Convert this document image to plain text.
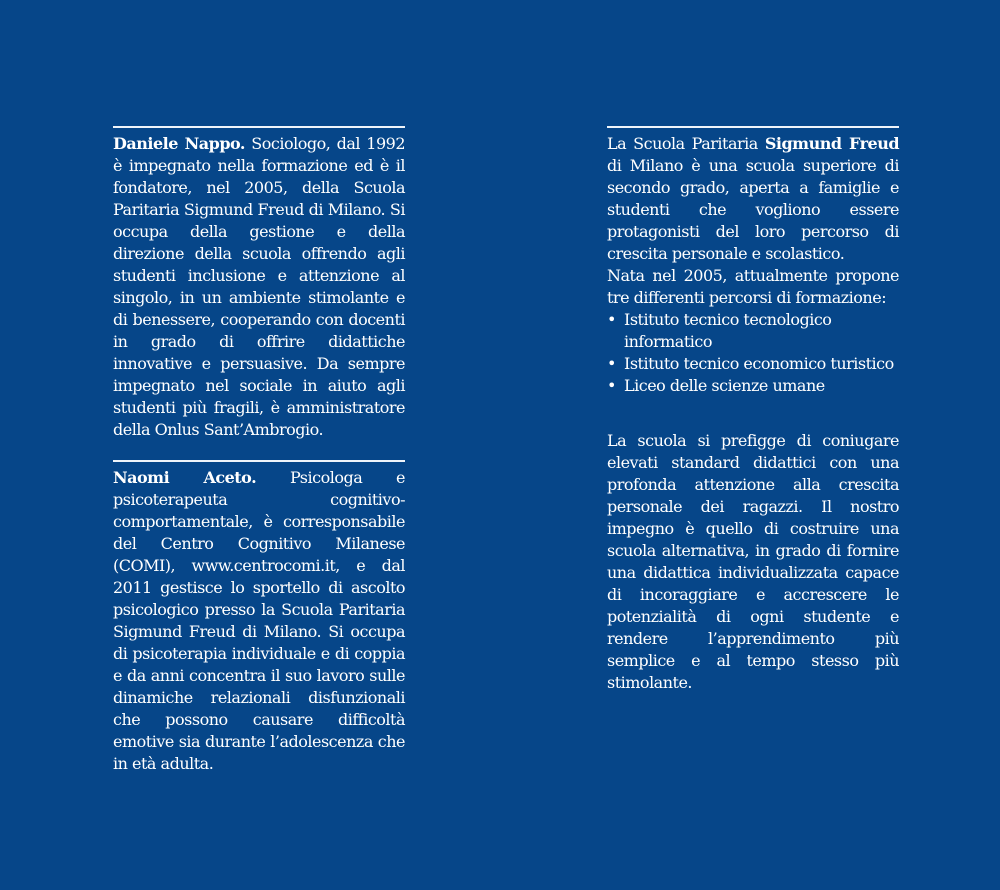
Daniele Nappo. Sociologo, dal 1992 è impegnato nella formazione ed è il fondatore, nel 2005, della Scuola Paritaria Sigmund Freud di Milano. Si occupa della gestione e della direzione della scuola offrendo agli studenti inclusione e attenzione al singolo, in un ambiente stimolante e di benessere, cooperando con docenti in grado di offrire didattiche innovative e persuasive. Da sempre impegnato nel sociale in aiuto agli studenti più fragili, è amministratore della Onlus Sant’Ambrogio.

Naomi Aceto. Psicologa e psicoterapeuta cognitivo-comportamentale, è corresponsabile del Centro Cognitivo Milanese (COMI), www.centrocomi.it, e dal 2011 gestisce lo sportello di ascolto psicologico presso la Scuola Paritaria Sigmund Freud di Milano. Si occupa di psicoterapia individuale e di coppia e da anni concentra il suo lavoro sulle dinamiche relazionali disfunzionali che possono causare difficoltà emotive sia durante l’adolescenza che in età adulta.

La Scuola Paritaria Sigmund Freud di Milano è una scuola superiore di secondo grado, aperta a famiglie e studenti che vogliono essere protagonisti del loro percorso di crescita personale e scolastico.

Nata nel 2005, attualmente propone tre differenti percorsi di formazione:

• Istituto tecnico tecnologico informatico
• Istituto tecnico economico turistico
• Liceo delle scienze umane

La scuola si prefigge di coniugare elevati standard didattici con una profonda attenzione alla crescita personale dei ragazzi. Il nostro impegno è quello di costruire una scuola alternativa, in grado di fornire una didattica individualizzata capace di incoraggiare e accrescere le potenzialità di ogni studente e rendere l’apprendimento più semplice e al tempo stesso più stimolante.
